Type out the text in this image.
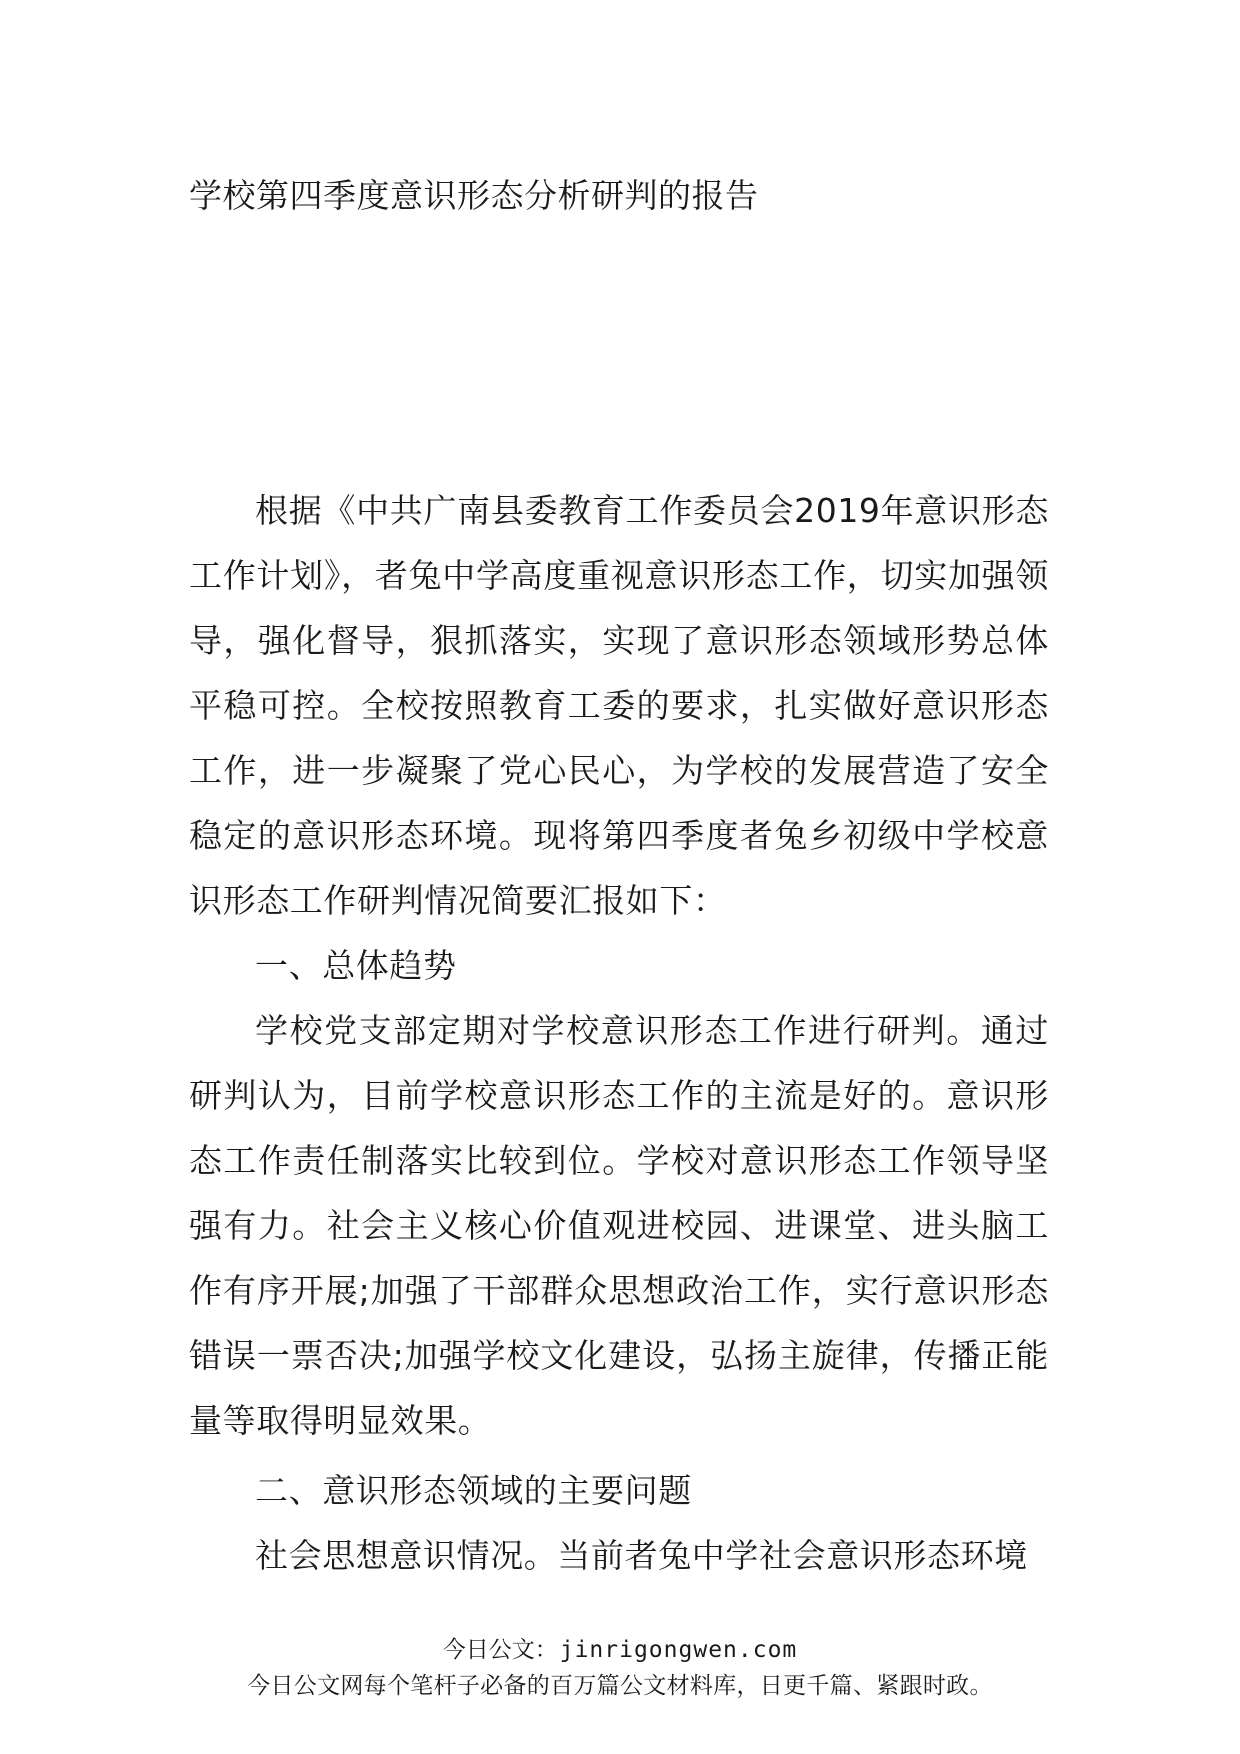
学校第四季度意识形态分析研判的报告

根据《中共广南县委教育工作委员会2019年意识形态工作计划》，者兔中学高度重视意识形态工作，切实加强领导，强化督导，狠抓落实，实现了意识形态领域形势总体平稳可控。全校按照教育工委的要求，扎实做好意识形态工作，进一步凝聚了党心民心，为学校的发展营造了安全稳定的意识形态环境。现将第四季度者兔乡初级中学校意识形态工作研判情况简要汇报如下：

一、总体趋势

学校党支部定期对学校意识形态工作进行研判。通过研判认为，目前学校意识形态工作的主流是好的。意识形态工作责任制落实比较到位。学校对意识形态工作领导坚强有力。社会主义核心价值观进校园、进课堂、进头脑工作有序开展;加强了干部群众思想政治工作，实行意识形态错误一票否决;加强学校文化建设，弘扬主旋律，传播正能量等取得明显效果。

二、意识形态领域的主要问题

社会思想意识情况。当前者兔中学社会意识形态环境

今日公文：jinrigongwen.com
今日公文网每个笔杆子必备的百万篇公文材料库，日更千篇、紧跟时政。
